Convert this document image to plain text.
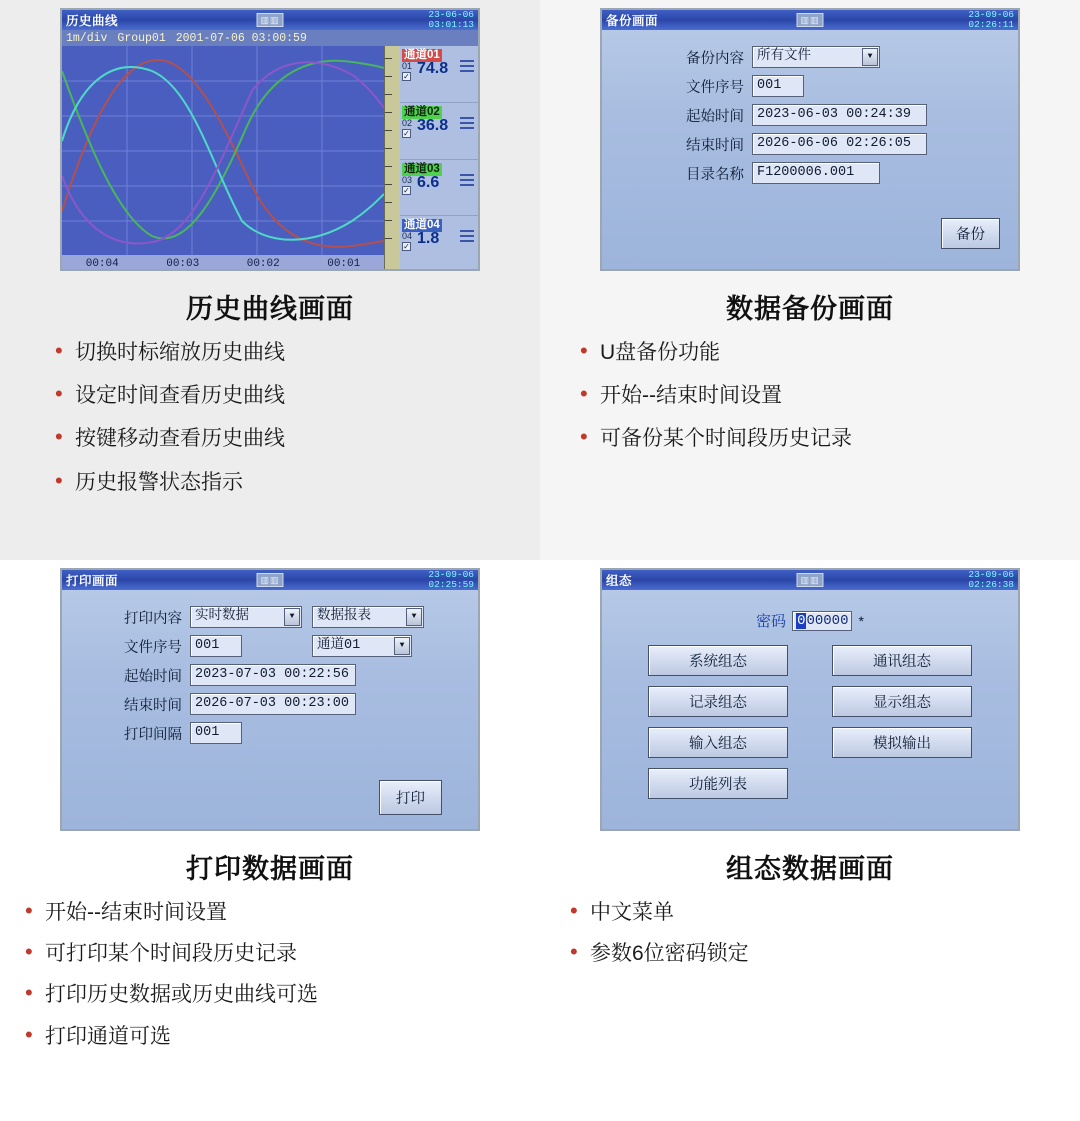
历史曲线	▥▥	23-06-06
03:01:13
1m/div Group01 2001-07-06 03:00:59
00:04	00:03	00:02	00:01
通道01
01 74.8
✓
通道02
02 36.8
✓
通道03
03 6.6
✓
通道04
04 1.8
✓
历史曲线画面
• 切换时标缩放历史曲线
• 设定时间查看历史曲线
• 按键移动查看历史曲线
• 历史报警状态指示
备份画面	▥▥	23-09-06
02:26:11
备份内容 所有文件	▼
文件序号 001
起始时间 2023-06-03 00:24:39
结束时间 2026-06-06 02:26:05
目录名称 F1200006.001
备份
数据备份画面
• U盘备份功能
• 开始--结束时间设置
• 可备份某个时间段历史记录
打印画面	▥▥	23-09-06
02:25:59
打印内容 实时数据	▼	数据报表	▼
文件序号 001	通道01	▼
起始时间 2023-07-03 00:22:56
结束时间 2026-07-03 00:23:00
打印间隔 001
打印
打印数据画面
• 开始--结束时间设置
• 可打印某个时间段历史记录
• 打印历史数据或历史曲线可选
• 打印通道可选
组态	▥▥	23-09-06
02:26:38
密码 000000 *
系统组态	通讯组态
记录组态	显示组态
输入组态	模拟输出
功能列表
组态数据画面
• 中文菜单
• 参数6位密码锁定
